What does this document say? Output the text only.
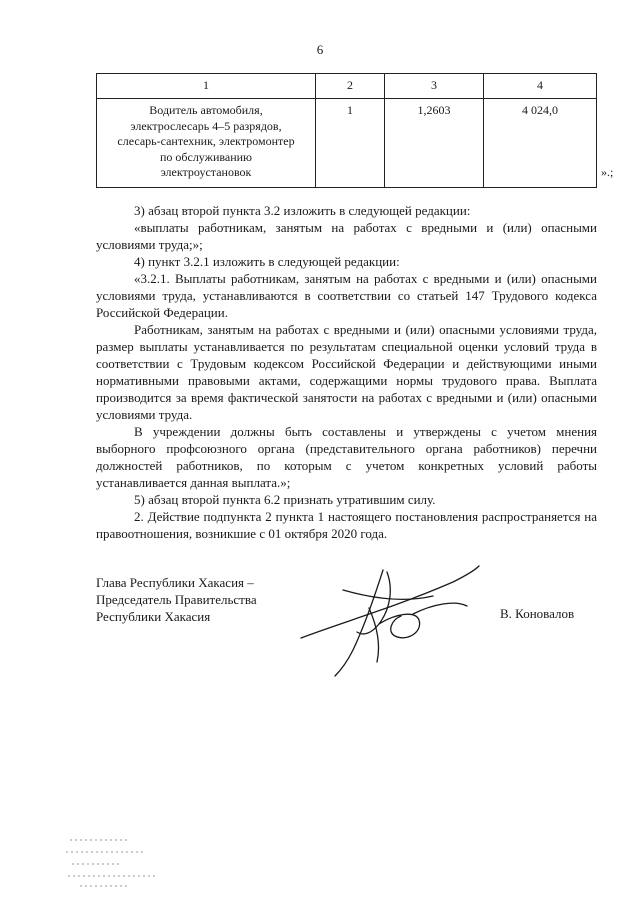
6
1	2	3	4

Водитель автомобиля,
электрослесарь 4–5 разрядов,
слесарь-сантехник, электромонтер
по обслуживанию
электроустановок	1	1,2603	4 024,0
».;

3) абзац второй пункта 3.2 изложить в следующей редакции:

«выплаты работникам, занятым на работах с вредными и (или) опасными условиями труда;»;

4) пункт 3.2.1 изложить в следующей редакции:

«3.2.1. Выплаты работникам, занятым на работах с вредными и (или) опасными условиями труда, устанавливаются в соответствии со статьей 147 Трудового кодекса Российской Федерации.

Работникам, занятым на работах с вредными и (или) опасными условиями труда, размер выплаты устанавливается по результатам специальной оценки условий труда в соответствии с Трудовым кодексом Российской Федерации и действующими иными нормативными правовыми актами, содержащими нормы трудового права. Выплата производится за время фактической занятости на работах с вредными и (или) опасными условиями труда.

В учреждении должны быть составлены и утверждены с учетом мнения выборного профсоюзного органа (представительного органа работников) перечни должностей работников, по которым с учетом конкретных условий работы устанавливается данная выплата.»;

5) абзац второй пункта 6.2 признать утратившим силу.

2. Действие подпункта 2 пункта 1 настоящего постановления распространяется на правоотношения, возникшие с 01 октября 2020 года.

Глава Республики Хакасия –
Председатель Правительства
Республики Хакасия	В. Коновалов
